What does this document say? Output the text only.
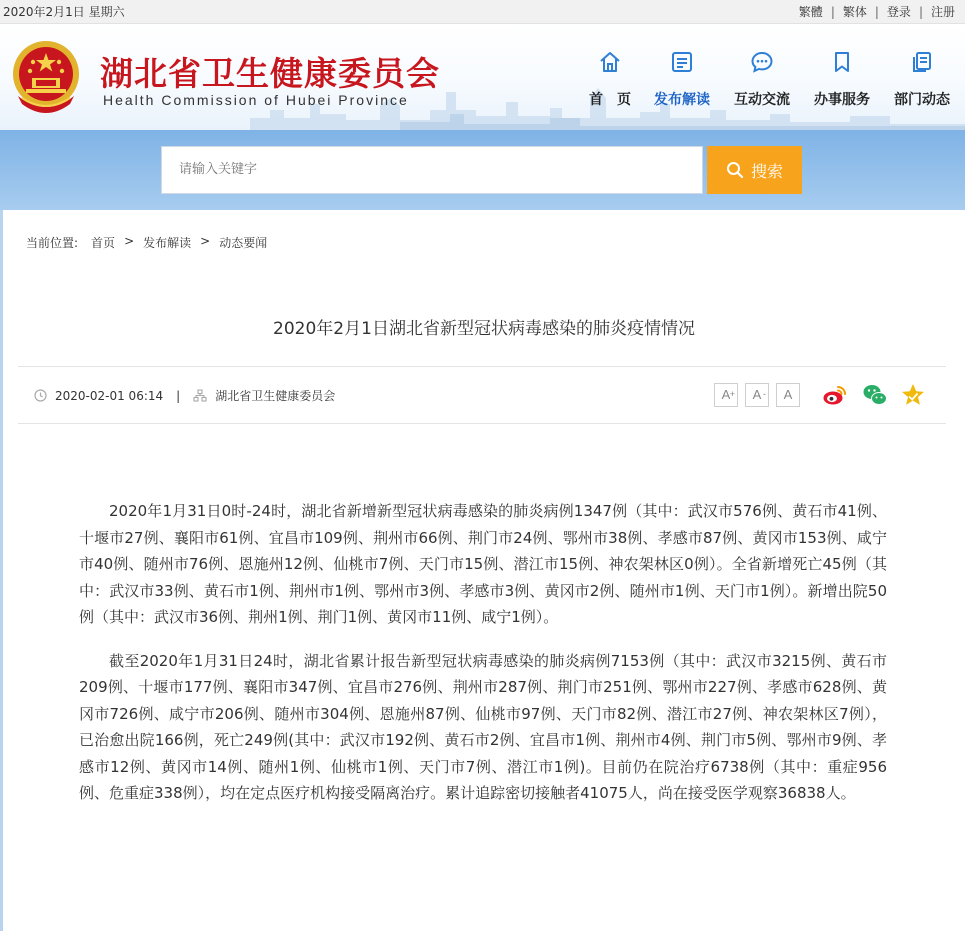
2020年2月1日 星期六	繁體 | 繁体 | 登录 | 注册
湖北省卫生健康委员会
Health Commission of Hubei Province	首　页	发布解读	互动交流	办事服务	部门动态
请输入关键字
搜索
当前位置: 首页 > 发布解读 > 动态要闻
2020年2月1日湖北省新型冠状病毒感染的肺炎疫情情况
2020-02-01 06:14 |	湖北省卫生健康委员会	A +	A -	A

2020年1月31日0时-24时，湖北省新增新型冠状病毒感染的肺炎病例1347例（其中：武汉市576例、黄石市41例、十堰市27例、襄阳市61例、宜昌市109例、荆州市66例、荆门市24例、鄂州市38例、孝感市87例、黄冈市153例、咸宁市40例、随州市76例、恩施州12例、仙桃市7例、天门市15例、潜江市15例、神农架林区0例）。全省新增死亡45例（其中：武汉市33例、黄石市1例、荆州市1例、鄂州市3例、孝感市3例、黄冈市2例、随州市1例、天门市1例）。新增出院50例（其中：武汉市36例、荆州1例、荆门1例、黄冈市11例、咸宁1例）。

截至2020年1月31日24时，湖北省累计报告新型冠状病毒感染的肺炎病例7153例（其中：武汉市3215例、黄石市209例、十堰市177例、襄阳市347例、宜昌市276例、荆州市287例、荆门市251例、鄂州市227例、孝感市628例、黄冈市726例、咸宁市206例、随州市304例、恩施州87例、仙桃市97例、天门市82例、潜江市27例、神农架林区7例），已治愈出院166例，死亡249例(其中：武汉市192例、黄石市2例、宜昌市1例、荆州市4例、荆门市5例、鄂州市9例、孝感市12例、黄冈市14例、随州1例、仙桃市1例、天门市7例、潜江市1例)。目前仍在院治疗6738例（其中：重症956例、危重症338例），均在定点医疗机构接受隔离治疗。累计追踪密切接触者41075人，尚在接受医学观察36838人。
